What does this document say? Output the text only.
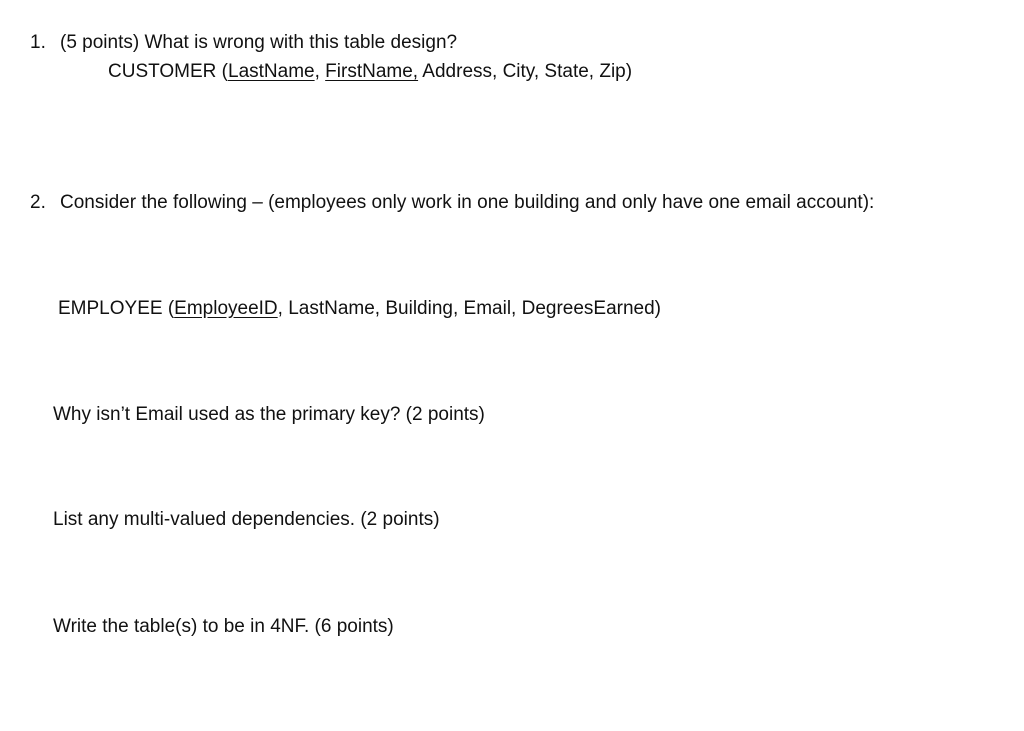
1. (5 points) What is wrong with this table design?
CUSTOMER (LastName, FirstName, Address, City, State, Zip)
2. Consider the following – (employees only work in one building and only have one email account):
EMPLOYEE (EmployeeID, LastName, Building, Email, DegreesEarned)
Why isn’t Email used as the primary key? (2 points)
List any multi-valued dependencies. (2 points)
Write the table(s) to be in 4NF. (6 points)
